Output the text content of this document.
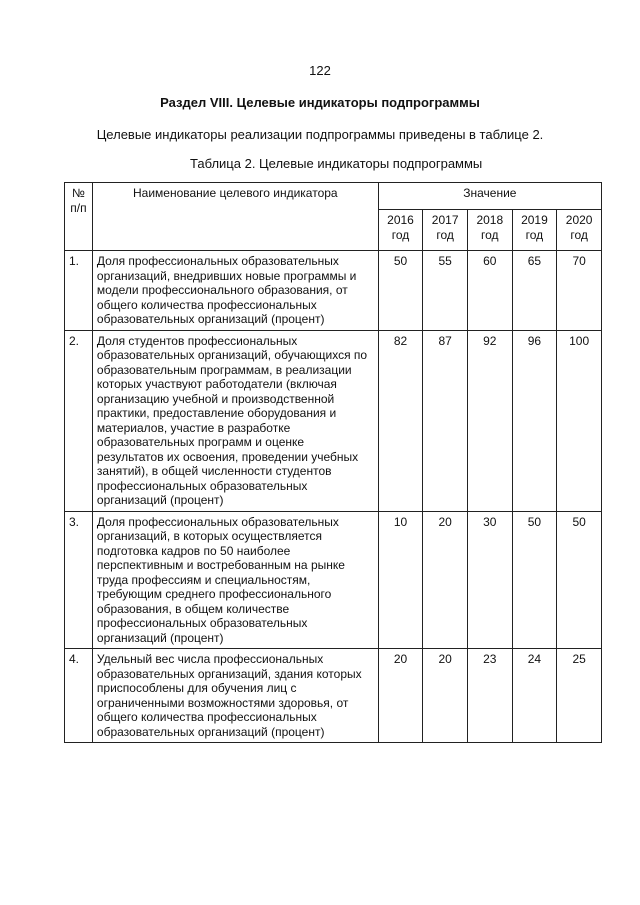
122
Раздел VIII. Целевые индикаторы подпрограммы
Целевые индикаторы реализации подпрограммы приведены в таблице 2.
Таблица 2. Целевые индикаторы подпрограммы
№ п/п	Наименование целевого индикатора	Значение				
		2016 год	2017 год	2018 год	2019 год	2020 год
1.	Доля профессиональных образовательных организаций, внедривших новые программы и модели профессионального образования, от общего количества профессиональных образовательных организаций (процент)	50	55	60	65	70
2.	Доля студентов профессиональных образовательных организаций, обучающихся по образовательным программам, в реализации которых участвуют работодатели (включая организацию учебной и производственной практики, предоставление оборудования и материалов, участие в разработке образовательных программ и оценке результатов их освоения, проведении учебных занятий), в общей численности студентов профессиональных образовательных организаций (процент)	82	87	92	96	100
3.	Доля профессиональных образовательных организаций, в которых осуществляется подготовка кадров по 50 наиболее перспективным и востребованным на рынке труда профессиям и специальностям, требующим среднего профессионального образования, в общем количестве профессиональных образовательных организаций (процент)	10	20	30	50	50
4.	Удельный вес числа профессиональных образовательных организаций, здания которых приспособлены для обучения лиц с ограниченными возможностями здоровья, от общего количества профессиональных образовательных организаций (процент)	20	20	23	24	25
